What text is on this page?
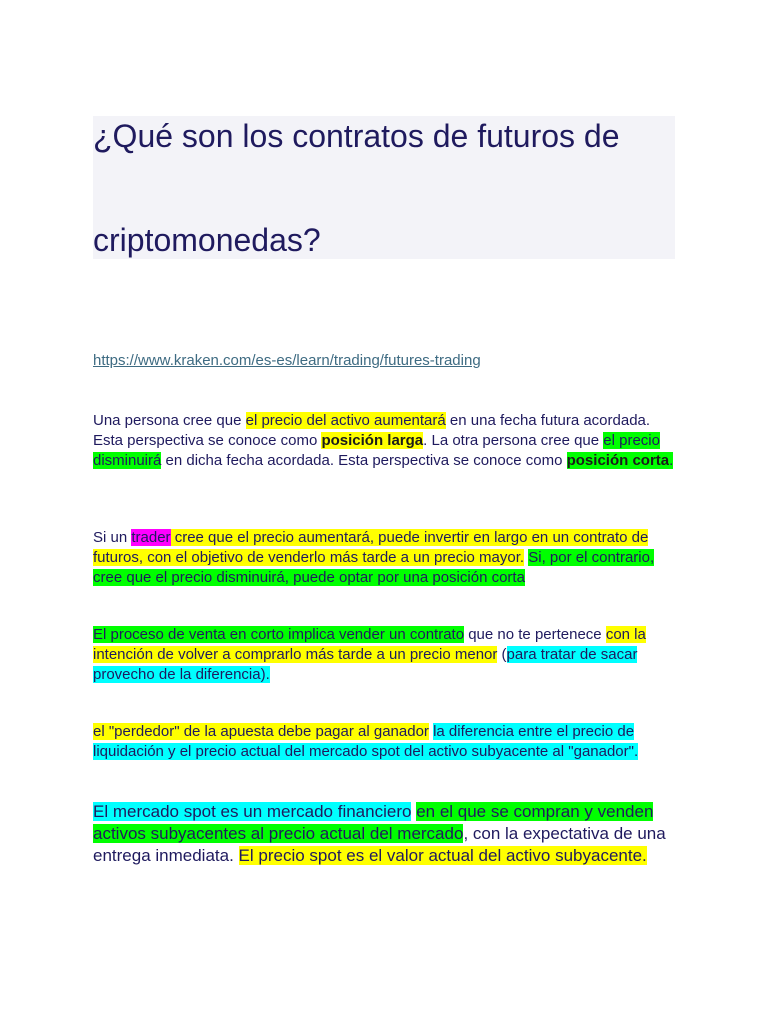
¿Qué son los contratos de futuros de
criptomonedas?
https://www.kraken.com/es-es/learn/trading/futures-trading
Una persona cree que el precio del activo aumentará en una fecha futura acordada. Esta perspectiva se conoce como posición larga. La otra persona cree que el precio disminuirá en dicha fecha acordada. Esta perspectiva se conoce como posición corta.
Si un trader cree que el precio aumentará, puede invertir en largo en un contrato de futuros, con el objetivo de venderlo más tarde a un precio mayor. Si, por el contrario, cree que el precio disminuirá, puede optar por una posición corta
El proceso de venta en corto implica vender un contrato que no te pertenece con la intención de volver a comprarlo más tarde a un precio menor (para tratar de sacar provecho de la diferencia).
el "perdedor" de la apuesta debe pagar al ganador la diferencia entre el precio de liquidación y el precio actual del mercado spot del activo subyacente al "ganador".
El mercado spot es un mercado financiero en el que se compran y venden activos subyacentes al precio actual del mercado, con la expectativa de una entrega inmediata. El precio spot es el valor actual del activo subyacente.
